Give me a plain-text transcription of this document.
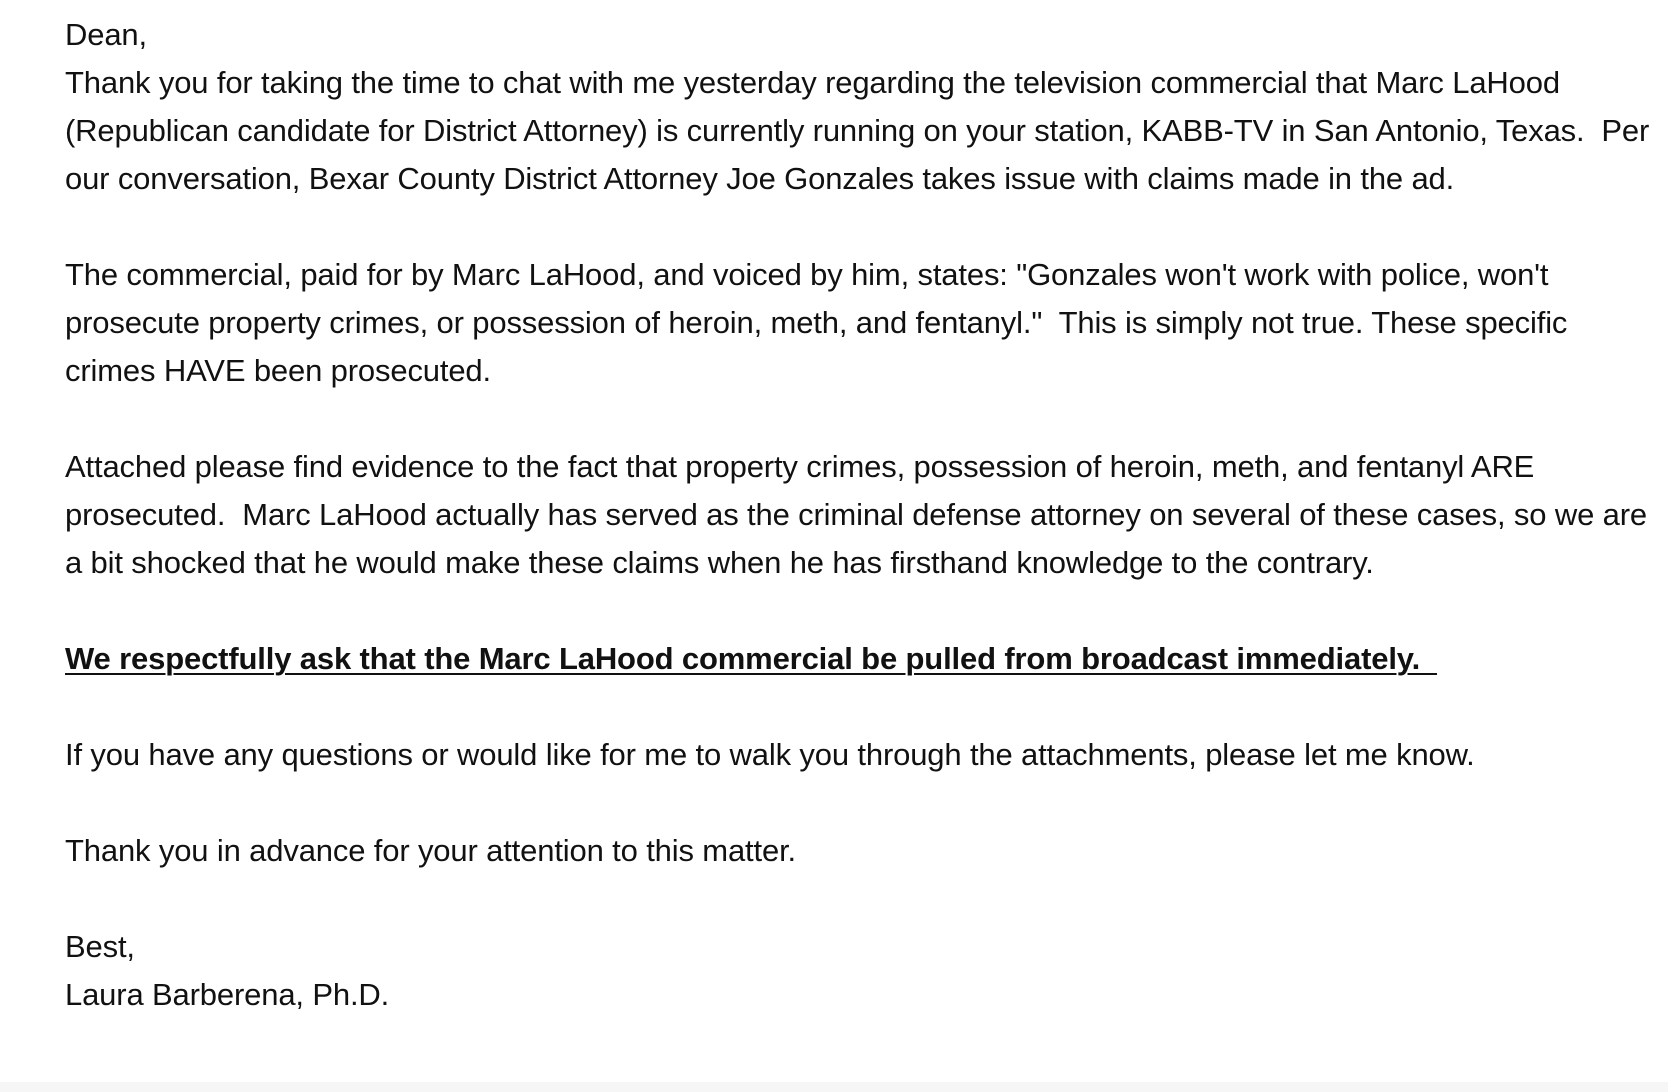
Dean,

Thank you for taking the time to chat with me yesterday regarding the television commercial that Marc LaHood (Republican candidate for District Attorney) is currently running on your station, KABB-TV in San Antonio, Texas.  Per our conversation, Bexar County District Attorney Joe Gonzales takes issue with claims made in the ad.

The commercial, paid for by Marc LaHood, and voiced by him, states: "Gonzales won't work with police, won't prosecute property crimes, or possession of heroin, meth, and fentanyl."  This is simply not true. These specific crimes HAVE been prosecuted.

Attached please find evidence to the fact that property crimes, possession of heroin, meth, and fentanyl ARE prosecuted.  Marc LaHood actually has served as the criminal defense attorney on several of these cases, so we are a bit shocked that he would make these claims when he has firsthand knowledge to the contrary.

We respectfully ask that the Marc LaHood commercial be pulled from broadcast immediately.

If you have any questions or would like for me to walk you through the attachments, please let me know.

Thank you in advance for your attention to this matter.

Best,

Laura Barberena, Ph.D.
